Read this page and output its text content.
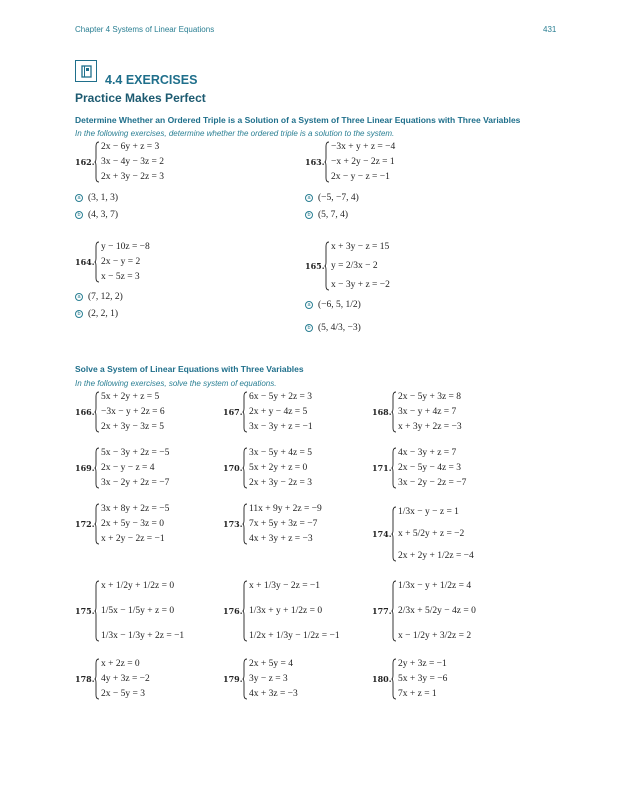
Chapter 4 Systems of Linear Equations	431
4.4 EXERCISES
Practice Makes Perfect
Determine Whether an Ordered Triple is a Solution of a System of Three Linear Equations with Three Variables
In the following exercises, determine whether the ordered triple is a solution to the system.
162.
2x − 6y + z = 3
3x − 4y − 3z = 2
2x + 3y − 2z = 3
a (3, 1, 3)
b (4, 3, 7)
163.
−3x + y + z = −4
−x + 2y − 2z = 1
2x − y − z = −1
a (−5, −7, 4)
b (5, 7, 4)
164.
y − 10z = −8
2x − y = 2
x − 5z = 3
a (7, 12, 2)
b (2, 2, 1)
165.
x + 3y − z = 15
y = 2/3x − 2
x − 3y + z = −2
a (−6, 5, 1/2)
b (5, 4/3, −3)
Solve a System of Linear Equations with Three Variables
In the following exercises, solve the system of equations.
166.
5x + 2y + z = 5
−3x − y + 2z = 6
2x + 3y − 3z = 5
167.
6x − 5y + 2z = 3
2x + y − 4z = 5
3x − 3y + z = −1
168.
2x − 5y + 3z = 8
3x − y + 4z = 7
x + 3y + 2z = −3
169.
5x − 3y + 2z = −5
2x − y − z = 4
3x − 2y + 2z = −7
170.
3x − 5y + 4z = 5
5x + 2y + z = 0
2x + 3y − 2z = 3
171.
4x − 3y + z = 7
2x − 5y − 4z = 3
3x − 2y − 2z = −7
172.
3x + 8y + 2z = −5
2x + 5y − 3z = 0
x + 2y − 2z = −1
173.
11x + 9y + 2z = −9
7x + 5y + 3z = −7
4x + 3y + z = −3	174.
1/3x − y − z = 1
x + 5/2y + z = −2
2x + 2y + 1/2z = −4
175.
x + 1/2y + 1/2z = 0
1/5x − 1/5y + z = 0
1/3x − 1/3y + 2z = −1
176.
x + 1/3y − 2z = −1
1/3x + y + 1/2z = 0
1/2x + 1/3y − 1/2z = −1
177.
1/3x − y + 1/2z = 4
2/3x + 5/2y − 4z = 0
x − 1/2y + 3/2z = 2
178.
x + 2z = 0
4y + 3z = −2
2x − 5y = 3
179.
2x + 5y = 4
3y − z = 3
4x + 3z = −3
180.
2y + 3z = −1
5x + 3y = −6
7x + z = 1
